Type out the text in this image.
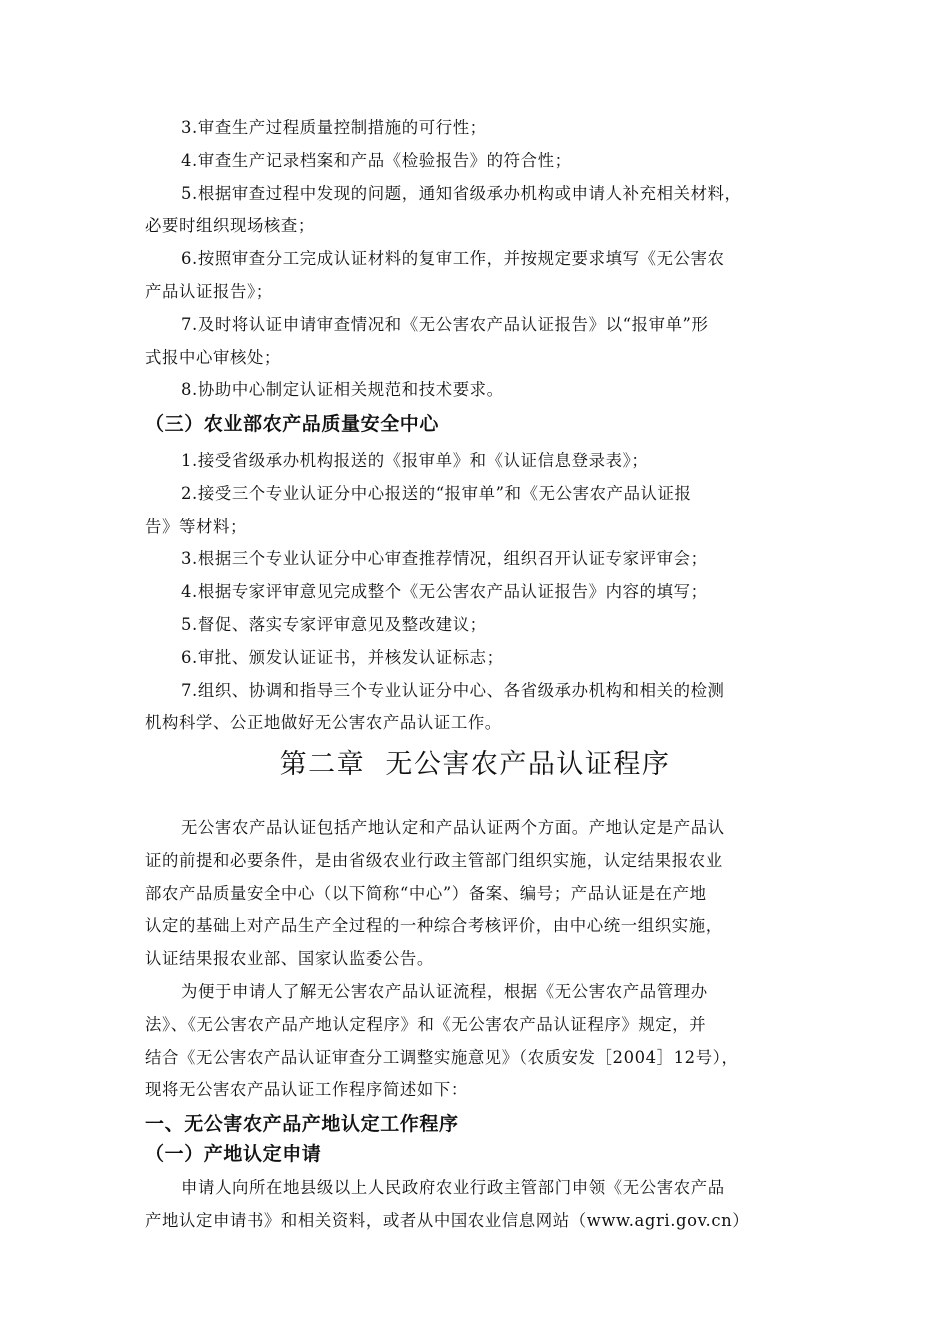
3.审查生产过程质量控制措施的可行性；
4.审查生产记录档案和产品《检验报告》的符合性；
5.根据审查过程中发现的问题，通知省级承办机构或申请人补充相关材料，
必要时组织现场核查；
6.按照审查分工完成认证材料的复审工作，并按规定要求填写《无公害农
产品认证报告》；
7.及时将认证申请审查情况和《无公害农产品认证报告》以“报审单”形
式报中心审核处；
8.协助中心制定认证相关规范和技术要求。
（三）农业部农产品质量安全中心
1.接受省级承办机构报送的《报审单》和《认证信息登录表》；
2.接受三个专业认证分中心报送的“报审单”和《无公害农产品认证报
告》等材料；
3.根据三个专业认证分中心审查推荐情况，组织召开认证专家评审会；
4.根据专家评审意见完成整个《无公害农产品认证报告》内容的填写；
5.督促、落实专家评审意见及整改建议；
6.审批、颁发认证证书，并核发认证标志；
7.组织、协调和指导三个专业认证分中心、各省级承办机构和相关的检测
机构科学、公正地做好无公害农产品认证工作。
第二章  无公害农产品认证程序
无公害农产品认证包括产地认定和产品认证两个方面。产地认定是产品认
证的前提和必要条件，是由省级农业行政主管部门组织实施，认定结果报农业
部农产品质量安全中心（以下简称“中心”）备案、编号；产品认证是在产地
认定的基础上对产品生产全过程的一种综合考核评价，由中心统一组织实施，
认证结果报农业部、国家认监委公告。
为便于申请人了解无公害农产品认证流程，根据《无公害农产品管理办
法》、《无公害农产品产地认定程序》和《无公害农产品认证程序》规定，并
结合《无公害农产品认证审查分工调整实施意见》（农质安发［2004］12号），
现将无公害农产品认证工作程序简述如下：
一、无公害农产品产地认定工作程序
（一）产地认定申请
申请人向所在地县级以上人民政府农业行政主管部门申领《无公害农产品
产地认定申请书》和相关资料，或者从中国农业信息网站（www.agri.gov.cn）
